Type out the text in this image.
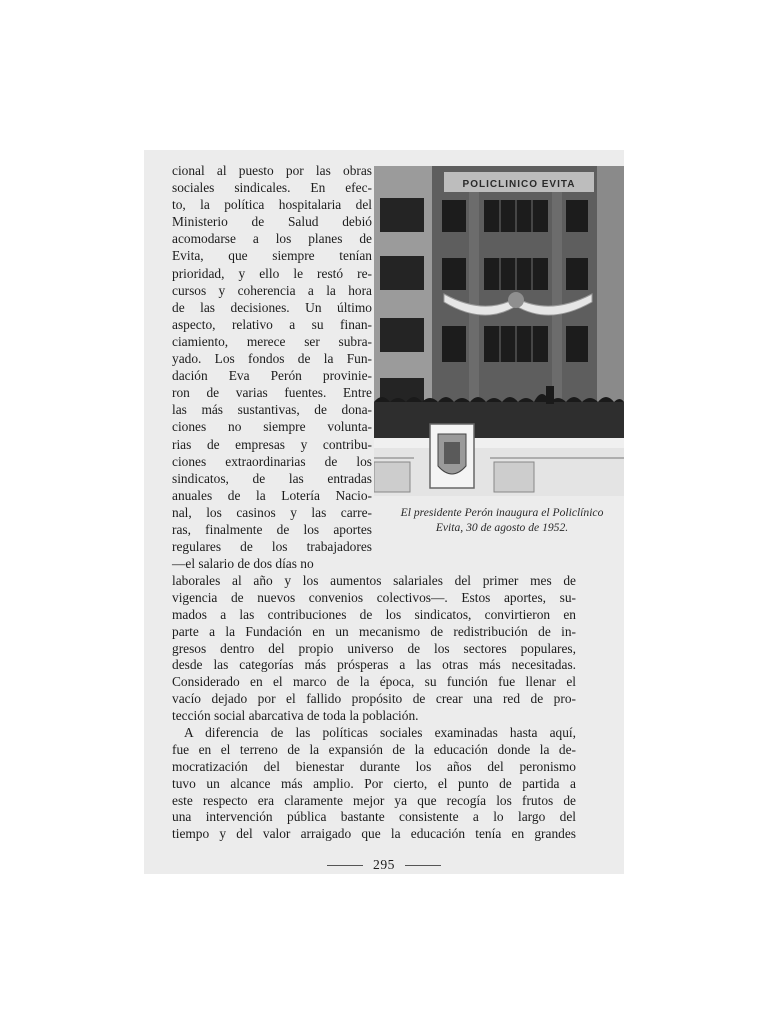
cional al puesto por las obras
sociales sindicales. En efec-
to, la política hospitalaria del
Ministerio de Salud debió
acomodarse a los planes de
Evita, que siempre tenían
prioridad, y ello le restó re-
cursos y coherencia a la hora
de las decisiones. Un último
aspecto, relativo a su finan-
ciamiento, merece ser subra-
yado. Los fondos de la Fun-
dación Eva Perón provinie-
ron de varias fuentes. Entre
las más sustantivas, de dona-
ciones no siempre volunta-
rias de empresas y contribu-
ciones extraordinarias de los
sindicatos, de las entradas
anuales de la Lotería Nacio-
nal, los casinos y las carre-
ras, finalmente de los aportes
regulares de los trabajadores
—el salario de dos días no
POLICLINICO EVITA
El presidente Perón inaugura el Policlínico
Evita, 30 de agosto de 1952.
laborales al año y los aumentos salariales del primer mes de
vigencia de nuevos convenios colectivos—. Estos aportes, su-
mados a las contribuciones de los sindicatos, convirtieron en
parte a la Fundación en un mecanismo de redistribución de in-
gresos dentro del propio universo de los sectores populares,
desde las categorías más prósperas a las otras más necesitadas.
Considerado en el marco de la época, su función fue llenar el
vacío dejado por el fallido propósito de crear una red de pro-
tección social abarcativa de toda la población.
A diferencia de las políticas sociales examinadas hasta aquí,
fue en el terreno de la expansión de la educación donde la de-
mocratización del bienestar durante los años del peronismo
tuvo un alcance más amplio. Por cierto, el punto de partida a
este respecto era claramente mejor ya que recogía los frutos de
una intervención pública bastante consistente a lo largo del
tiempo y del valor arraigado que la educación tenía en grandes
295
